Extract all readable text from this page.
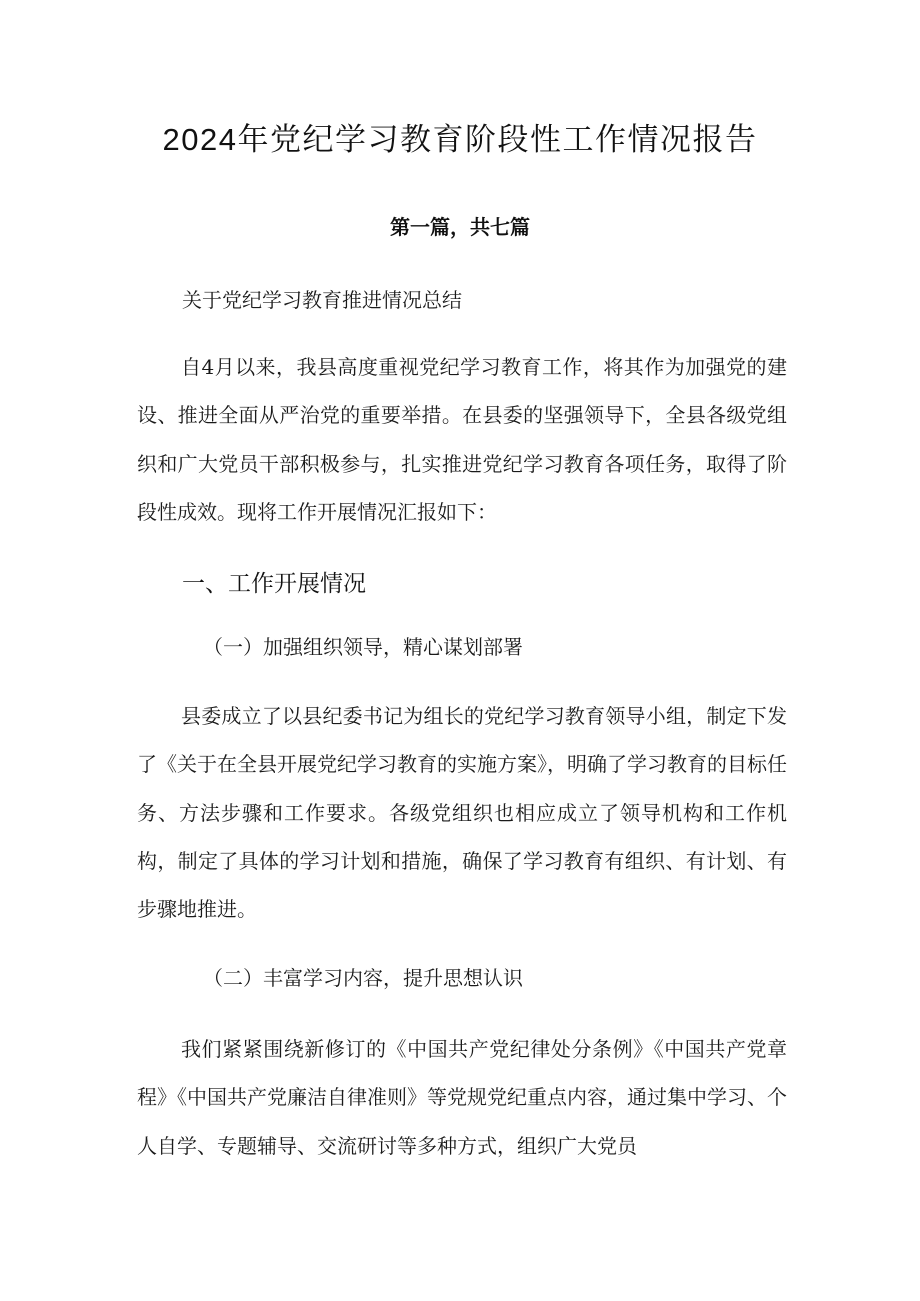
2024年党纪学习教育阶段性工作情况报告

第一篇，共七篇

关于党纪学习教育推进情况总结

自4月以来，我县高度重视党纪学习教育工作，将其作为加强党的建设、推进全面从严治党的重要举措。在县委的坚强领导下，全县各级党组织和广大党员干部积极参与，扎实推进党纪学习教育各项任务，取得了阶段性成效。现将工作开展情况汇报如下：

一、工作开展情况

（一）加强组织领导，精心谋划部署

县委成立了以县纪委书记为组长的党纪学习教育领导小组，制定下发了《关于在全县开展党纪学习教育的实施方案》，明确了学习教育的目标任务、方法步骤和工作要求。各级党组织也相应成立了领导机构和工作机构，制定了具体的学习计划和措施，确保了学习教育有组织、有计划、有步骤地推进。

（二）丰富学习内容，提升思想认识

我们紧紧围绕新修订的《中国共产党纪律处分条例》《中国共产党章程》《中国共产党廉洁自律准则》等党规党纪重点内容，通过集中学习、个人自学、专题辅导、交流研讨等多种方式，组织广大党员
